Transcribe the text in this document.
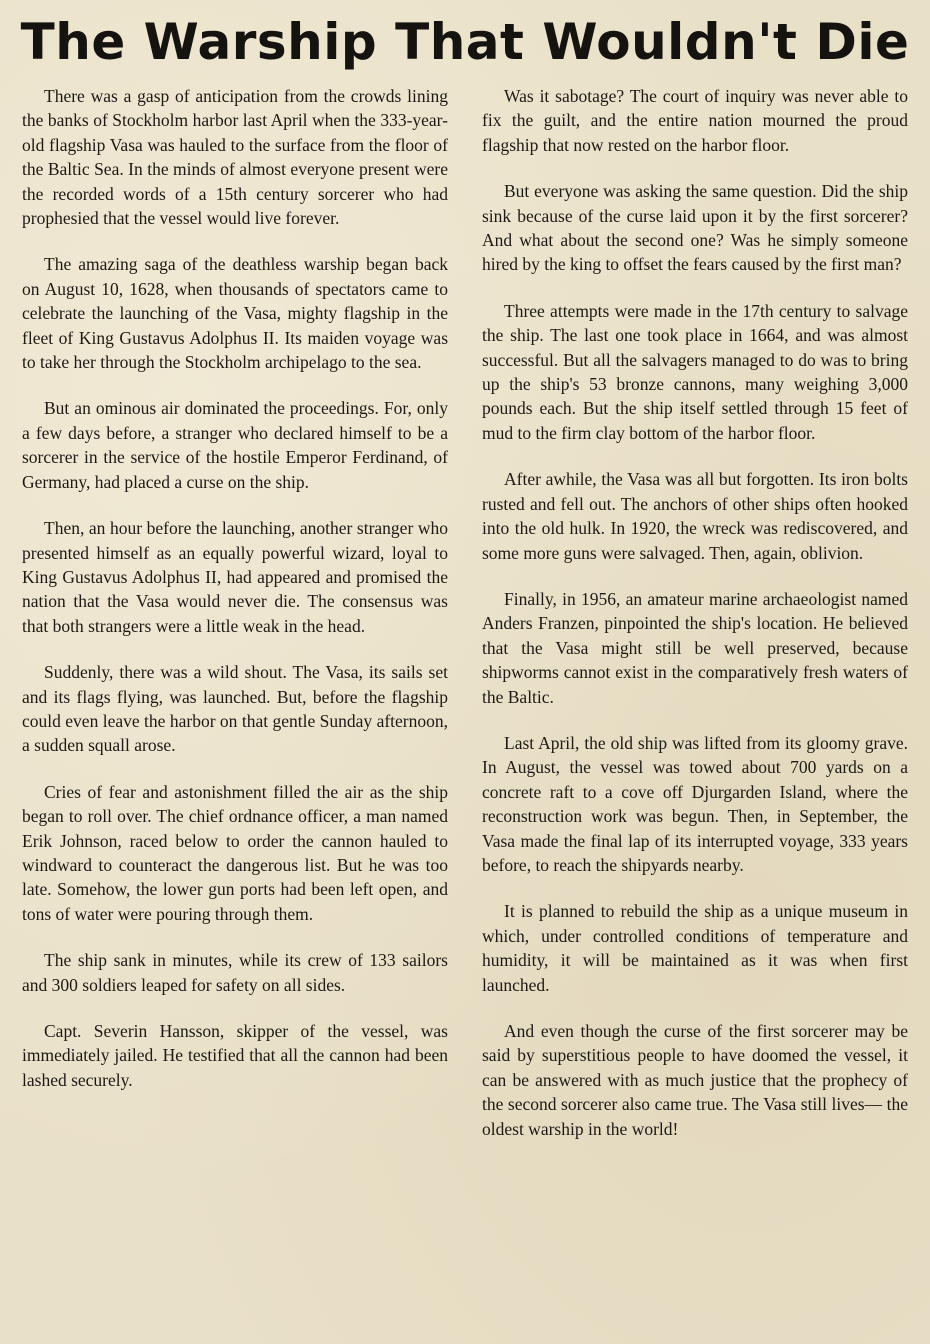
The Warship That Wouldn't Die

There was a gasp of anticipation from the crowds lining the banks of Stockholm harbor last April when the 333-year-old flagship Vasa was hauled to the surface from the floor of the Baltic Sea. In the minds of almost everyone present were the recorded words of a 15th century sorcerer who had prophesied that the vessel would live forever.

The amazing saga of the deathless warship began back on August 10, 1628, when thousands of spectators came to celebrate the launching of the Vasa, mighty flagship in the fleet of King Gustavus Adolphus II. Its maiden voyage was to take her through the Stockholm archipelago to the sea.

But an ominous air dominated the proceedings. For, only a few days before, a stranger who declared himself to be a sorcerer in the service of the hostile Emperor Ferdinand, of Germany, had placed a curse on the ship.

Then, an hour before the launching, another stranger who presented himself as an equally powerful wizard, loyal to King Gustavus Adolphus II, had appeared and promised the nation that the Vasa would never die. The consensus was that both strangers were a little weak in the head.

Suddenly, there was a wild shout. The Vasa, its sails set and its flags flying, was launched. But, before the flagship could even leave the harbor on that gentle Sunday afternoon, a sudden squall arose.

Cries of fear and astonishment filled the air as the ship began to roll over. The chief ordnance officer, a man named Erik Johnson, raced below to order the cannon hauled to windward to counteract the dangerous list. But he was too late. Somehow, the lower gun ports had been left open, and tons of water were pouring through them.

The ship sank in minutes, while its crew of 133 sailors and 300 soldiers leaped for safety on all sides.

Capt. Severin Hansson, skipper of the vessel, was immediately jailed. He testified that all the cannon had been lashed securely.

Was it sabotage? The court of inquiry was never able to fix the guilt, and the entire nation mourned the proud flagship that now rested on the harbor floor.

But everyone was asking the same question. Did the ship sink because of the curse laid upon it by the first sorcerer? And what about the second one? Was he simply someone hired by the king to offset the fears caused by the first man?

Three attempts were made in the 17th century to salvage the ship. The last one took place in 1664, and was almost successful. But all the salvagers managed to do was to bring up the ship's 53 bronze cannons, many weighing 3,000 pounds each. But the ship itself settled through 15 feet of mud to the firm clay bottom of the harbor floor.

After awhile, the Vasa was all but forgotten. Its iron bolts rusted and fell out. The anchors of other ships often hooked into the old hulk. In 1920, the wreck was rediscovered, and some more guns were salvaged. Then, again, oblivion.

Finally, in 1956, an amateur marine archaeologist named Anders Franzen, pinpointed the ship's location. He believed that the Vasa might still be well preserved, because shipworms cannot exist in the comparatively fresh waters of the Baltic.

Last April, the old ship was lifted from its gloomy grave. In August, the vessel was towed about 700 yards on a concrete raft to a cove off Djurgarden Island, where the reconstruction work was begun. Then, in September, the Vasa made the final lap of its interrupted voyage, 333 years before, to reach the shipyards nearby.

It is planned to rebuild the ship as a unique museum in which, under controlled conditions of temperature and humidity, it will be maintained as it was when first launched.

And even though the curse of the first sorcerer may be said by superstitious people to have doomed the vessel, it can be answered with as much justice that the prophecy of the second sorcerer also came true. The Vasa still lives— the oldest warship in the world!
